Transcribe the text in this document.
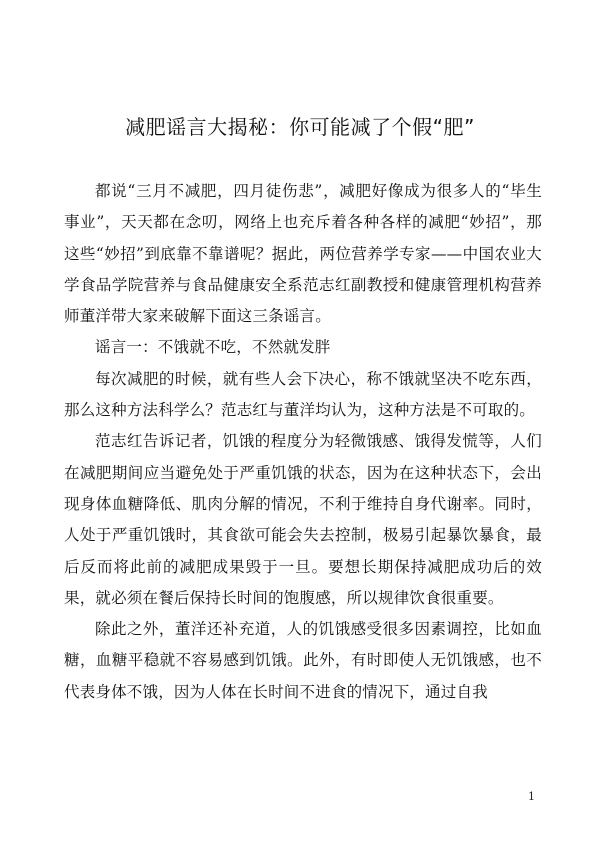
减肥谣言大揭秘：你可能减了个假“肥”

都说“三月不减肥，四月徒伤悲”，减肥好像成为很多人的“毕生事业”，天天都在念叨，网络上也充斥着各种各样的减肥“妙招”，那这些“妙招”到底靠不靠谱呢？据此，两位营养学专家——中国农业大学食品学院营养与食品健康安全系范志红副教授和健康管理机构营养师董洋带大家来破解下面这三条谣言。

谣言一：不饿就不吃，不然就发胖

每次减肥的时候，就有些人会下决心，称不饿就坚决不吃东西，那么这种方法科学么？范志红与董洋均认为，这种方法是不可取的。

范志红告诉记者，饥饿的程度分为轻微饿感、饿得发慌等，人们在减肥期间应当避免处于严重饥饿的状态，因为在这种状态下，会出现身体血糖降低、肌肉分解的情况，不利于维持自身代谢率。同时，人处于严重饥饿时，其食欲可能会失去控制，极易引起暴饮暴食，最后反而将此前的减肥成果毁于一旦。要想长期保持减肥成功后的效果，就必须在餐后保持长时间的饱腹感，所以规律饮食很重要。

除此之外，董洋还补充道，人的饥饿感受很多因素调控，比如血糖，血糖平稳就不容易感到饥饿。此外，有时即使人无饥饿感，也不代表身体不饿，因为人体在长时间不进食的情况下，通过自我

1
